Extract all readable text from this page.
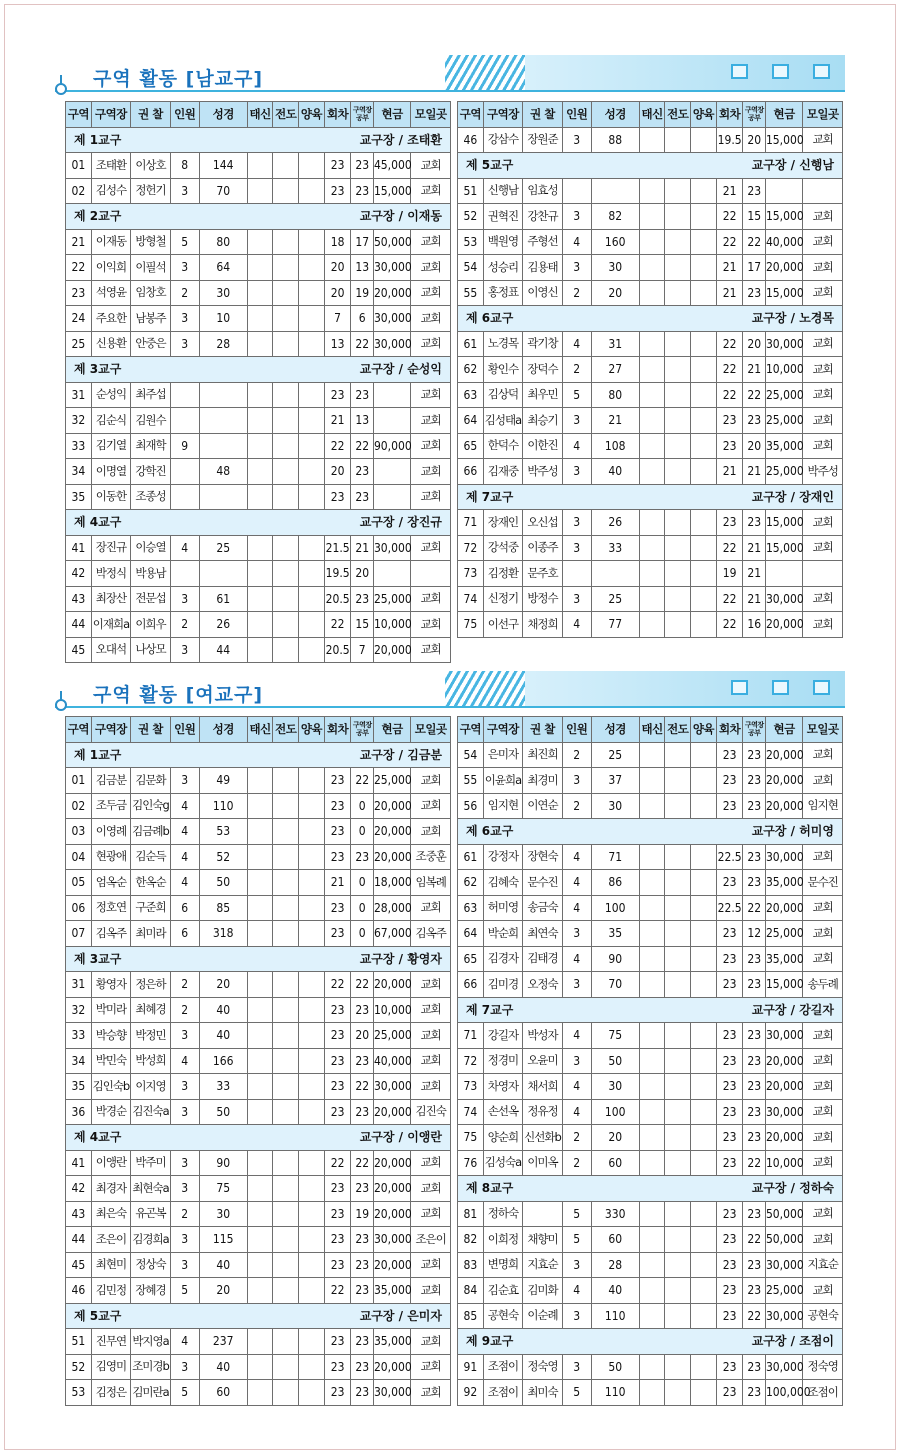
구역 활동 [남교구]
구역	구역장	권 찰	인원	성경	태신	전도	양육	회차	구역장
공부	현금	모일곳
제 1교구 교구장 / 조태환											

01	조태환	이상호	8	144				23	23	45,000	교회
02	김성수	정헌기	3	70				23	23	15,000	교회
제 2교구 교구장 / 이재동											

21	이재동	방형철	5	80				18	17	50,000	교회
22	이익희	이필석	3	64				20	13	30,000	교회
23	석영윤	임창호	2	30				20	19	20,000	교회
24	주요한	남봉주	3	10				7	6	30,000	교회
25	신용환	안중은	3	28				13	22	30,000	교회
제 3교구 교구장 / 순성익											

31	순성익	최주섭						23	23		교회
32	김순식	김원수						21	13		교회
33	김기열	최재학	9					22	22	90,000	교회
34	이명열	강학진		48				20	23		교회
35	이동한	조종성						23	23		교회
제 4교구 교구장 / 장진규											

41	장진규	이승열	4	25				21.5	21	30,000	교회
42	박정식	박용남						19.5	20		
43	최장산	전문섭	3	61				20.5	23	25,000	교회
44	이재희a	이희우	2	26				22	15	10,000	교회
45	오대석	나상모	3	44				20.5	7	20,000	교회
구역	구역장	권 찰	인원	성경	태신	전도	양육	회차	구역장
공부	현금	모일곳
46	강삼수	장원준	3	88				19.5	20	15,000	교회
제 5교구 교구장 / 신행남											

51	신행남	임효성						21	23		
52	권혁진	강찬규	3	82				22	15	15,000	교회
53	백원영	주형선	4	160				22	22	40,000	교회
54	성승리	김용태	3	30				21	17	20,000	교회
55	홍정표	이영신	2	20				21	23	15,000	교회
제 6교구 교구장 / 노경목											

61	노경목	곽기창	4	31				22	20	30,000	교회
62	황인수	장덕수	2	27				22	21	10,000	교회
63	김상덕	최우민	5	80				22	22	25,000	교회
64	김성태a	최승기	3	21				23	23	25,000	교회
65	한덕수	이한진	4	108				23	20	35,000	교회
66	김재중	박주성	3	40				21	21	25,000	박주성
제 7교구 교구장 / 장재인											

71	장재인	오신섭	3	26				23	23	15,000	교회
72	강석중	이종주	3	33				22	21	15,000	교회
73	김정환	문주호						19	21		
74	신정기	방정수	3	25				22	21	30,000	교회
75	이선구	채정희	4	77				22	16	20,000	교회
구역 활동 [여교구]
구역	구역장	권 찰	인원	성경	태신	전도	양육	회차	구역장
공부	현금	모일곳
제 1교구 교구장 / 김금분											

01	김금분	김문화	3	49				23	22	25,000	교회
02	조두금	김인숙g	4	110				23	0	20,000	교회
03	이영례	김금례b	4	53				23	0	20,000	교회
04	현광애	김순득	4	52				23	23	20,000	조중훈
05	엄옥순	한옥순	4	50				21	0	18,000	임복례
06	정호연	구준희	6	85				23	0	28,000	교회
07	김옥주	최미라	6	318				23	0	67,000	김옥주
제 3교구 교구장 / 황영자											

31	황영자	정은하	2	20				22	22	20,000	교회
32	박미라	최혜경	2	40				23	23	10,000	교회
33	박승향	박정민	3	40				23	20	25,000	교회
34	박민숙	박성희	4	166				23	23	40,000	교회
35	김인숙b	이지영	3	33				23	22	30,000	교회
36	박경순	김진숙a	3	50				23	23	20,000	김진숙
제 4교구 교구장 / 이앵란											

41	이앵란	박주미	3	90				22	22	20,000	교회
42	최경자	최현숙a	3	75				23	23	20,000	교회
43	최은숙	유곤복	2	30				23	19	20,000	교회
44	조은이	김경희a	3	115				23	23	30,000	조은이
45	최현미	정상숙	3	40				23	23	20,000	교회
46	김민정	장혜경	5	20				22	23	35,000	교회
제 5교구 교구장 / 은미자											

51	진무연	박지영a	4	237				23	23	35,000	교회
52	김영미	조미경b	3	40				23	23	20,000	교회
53	김정은	김미란a	5	60				23	23	30,000	교회
구역	구역장	권 찰	인원	성경	태신	전도	양육	회차	구역장
공부	현금	모일곳
54	은미자	최진희	2	25				23	23	20,000	교회
55	이윤희a	최경미	3	37				23	23	20,000	교회
56	임지현	이연순	2	30				23	23	20,000	임지현
제 6교구 교구장 / 허미영											

61	강정자	장현숙	4	71				22.5	23	30,000	교회
62	김혜숙	문수진	4	86				23	23	35,000	문수진
63	허미영	송금숙	4	100				22.5	22	20,000	교회
64	박순희	최연숙	3	35				23	12	25,000	교회
65	김경자	김태경	4	90				23	23	35,000	교회
66	김미경	오정숙	3	70				23	23	15,000	송두례
제 7교구 교구장 / 강길자											

71	강길자	박성자	4	75				23	23	30,000	교회
72	정경미	오윤미	3	50				23	23	20,000	교회
73	차영자	채서희	4	30				23	23	20,000	교회
74	손선옥	정유정	4	100				23	23	30,000	교회
75	양순희	신선화b	2	20				23	23	20,000	교회
76	김성숙a	이미옥	2	60				23	22	10,000	교회
제 8교구 교구장 / 정하숙											

81	정하숙		5	330				23	23	50,000	교회
82	이희정	채향미	5	60				23	22	50,000	교회
83	변명희	지효순	3	28				23	23	30,000	지효순
84	김순효	김미화	4	40				23	23	25,000	교회
85	공현숙	이순례	3	110				23	22	30,000	공현숙
제 9교구 교구장 / 조점이											

91	조점이	정숙영	3	50				23	23	30,000	정숙영
92	조점이	최미숙	5	110				23	23	100,000	조점이
